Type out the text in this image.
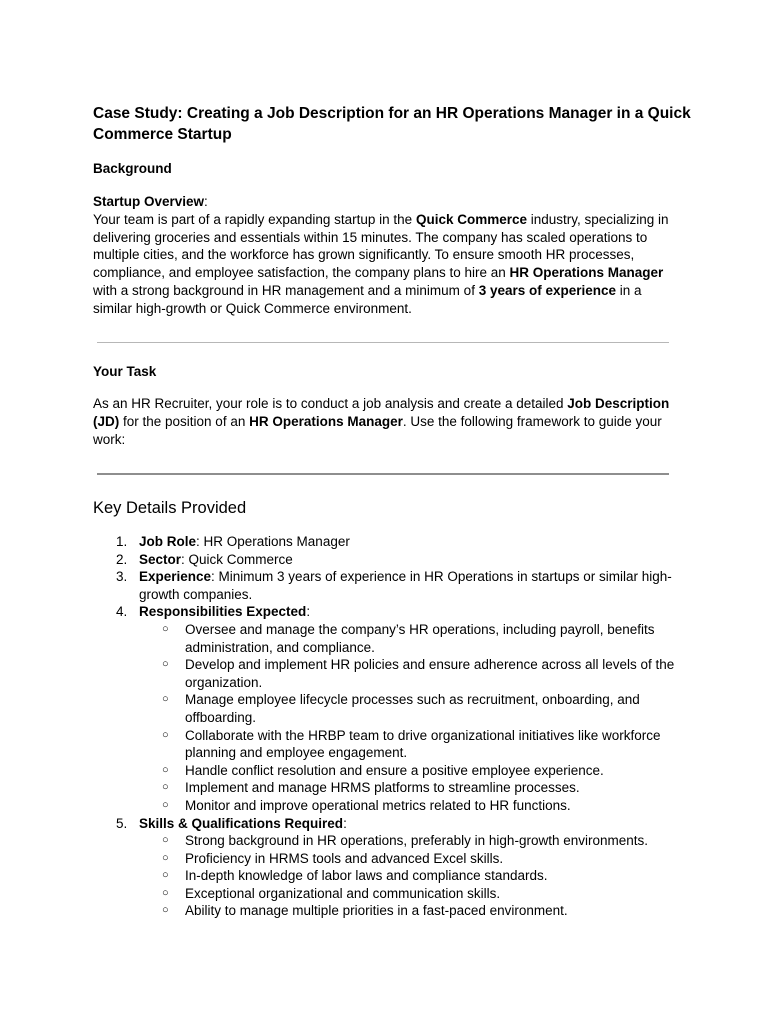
Case Study: Creating a Job Description for an HR Operations Manager in a Quick Commerce Startup
Background

Startup Overview:
Your team is part of a rapidly expanding startup in the Quick Commerce industry, specializing in delivering groceries and essentials within 15 minutes. The company has scaled operations to multiple cities, and the workforce has grown significantly. To ensure smooth HR processes, compliance, and employee satisfaction, the company plans to hire an HR Operations Manager with a strong background in HR management and a minimum of 3 years of experience in a similar high-growth or Quick Commerce environment.

Your Task

As an HR Recruiter, your role is to conduct a job analysis and create a detailed Job Description (JD) for the position of an HR Operations Manager. Use the following framework to guide your work:

Key Details Provided
1. Job Role: HR Operations Manager
2. Sector: Quick Commerce
3. Experience: Minimum 3 years of experience in HR Operations in startups or similar high-growth companies.
4. Responsibilities Expected:
○ Oversee and manage the company’s HR operations, including payroll, benefits administration, and compliance.
○ Develop and implement HR policies and ensure adherence across all levels of the organization.
○ Manage employee lifecycle processes such as recruitment, onboarding, and offboarding.
○ Collaborate with the HRBP team to drive organizational initiatives like workforce planning and employee engagement.
○ Handle conflict resolution and ensure a positive employee experience.
○ Implement and manage HRMS platforms to streamline processes.
○ Monitor and improve operational metrics related to HR functions.
5. Skills & Qualifications Required:
○ Strong background in HR operations, preferably in high-growth environments.
○ Proficiency in HRMS tools and advanced Excel skills.
○ In-depth knowledge of labor laws and compliance standards.
○ Exceptional organizational and communication skills.
○ Ability to manage multiple priorities in a fast-paced environment.
